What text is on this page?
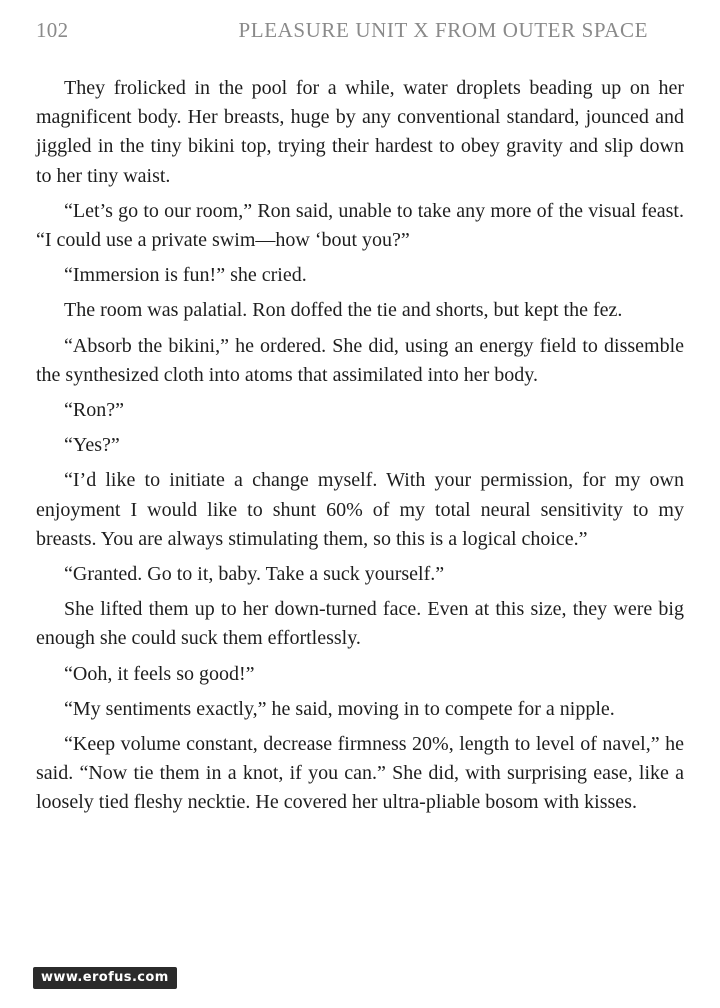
102	PLEASURE UNIT X FROM OUTER SPACE

They frolicked in the pool for a while, water droplets beading up on her magnificent body. Her breasts, huge by any conventional standard, jounced and jiggled in the tiny bikini top, trying their hardest to obey gravity and slip down to her tiny waist.

“Let’s go to our room,” Ron said, unable to take any more of the visual feast. “I could use a private swim—how ‘bout you?”

“Immersion is fun!” she cried.

The room was palatial. Ron doffed the tie and shorts, but kept the fez.

“Absorb the bikini,” he ordered. She did, using an energy field to dissemble the synthesized cloth into atoms that assimilated into her body.

“Ron?”

“Yes?”

“I’d like to initiate a change myself. With your permission, for my own enjoyment I would like to shunt 60% of my total neural sensitivity to my breasts. You are always stimulating them, so this is a logical choice.”

“Granted. Go to it, baby. Take a suck yourself.”

She lifted them up to her down-turned face. Even at this size, they were big enough she could suck them effortlessly.

“Ooh, it feels so good!”

“My sentiments exactly,” he said, moving in to compete for a nipple.

“Keep volume constant, decrease firmness 20%, length to level of navel,” he said. “Now tie them in a knot, if you can.” She did, with surprising ease, like a loosely tied fleshy necktie. He covered her ultra-pliable bosom with kisses.

www.erofus.com
